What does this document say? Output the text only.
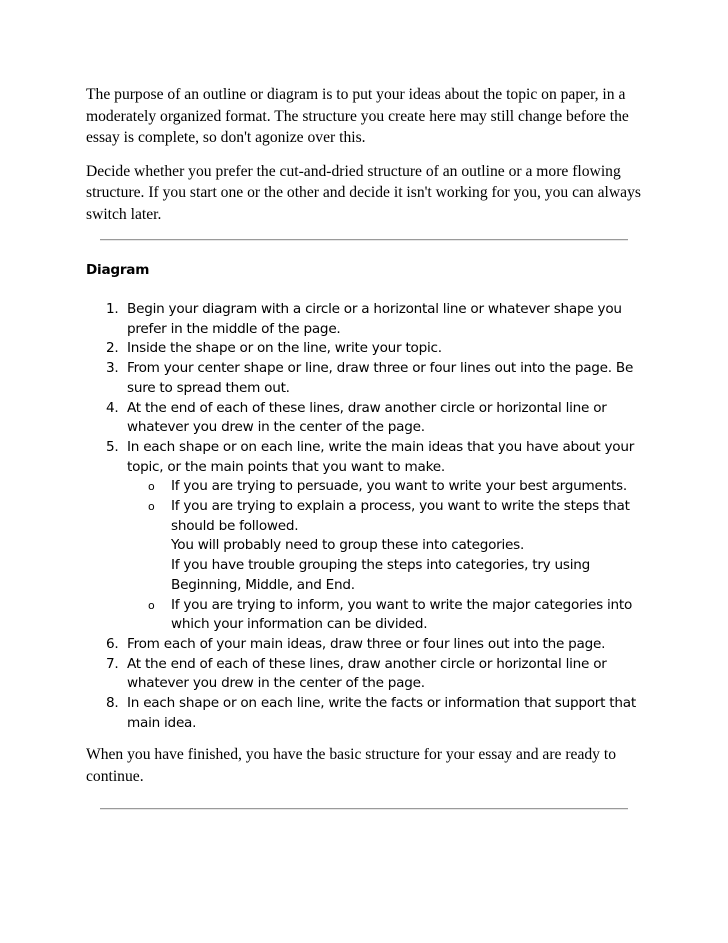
The purpose of an outline or diagram is to put your ideas about the topic on paper, in a moderately organized format. The structure you create here may still change before the essay is complete, so don't agonize over this.

Decide whether you prefer the cut-and-dried structure of an outline or a more flowing structure. If you start one or the other and decide it isn't working for you, you can always switch later.

Diagram
1. Begin your diagram with a circle or a horizontal line or whatever shape you prefer in the middle of the page.
2. Inside the shape or on the line, write your topic.
3. From your center shape or line, draw three or four lines out into the page. Be sure to spread them out.
4. At the end of each of these lines, draw another circle or horizontal line or whatever you drew in the center of the page.
5. In each shape or on each line, write the main ideas that you have about your topic, or the main points that you want to make.
o If you are trying to persuade, you want to write your best arguments.
o If you are trying to explain a process, you want to write the steps that should be followed.
You will probably need to group these into categories.
If you have trouble grouping the steps into categories, try using Beginning, Middle, and End.
o If you are trying to inform, you want to write the major categories into which your information can be divided.
6. From each of your main ideas, draw three or four lines out into the page.
7. At the end of each of these lines, draw another circle or horizontal line or whatever you drew in the center of the page.
8. In each shape or on each line, write the facts or information that support that main idea.

When you have finished, you have the basic structure for your essay and are ready to continue.
